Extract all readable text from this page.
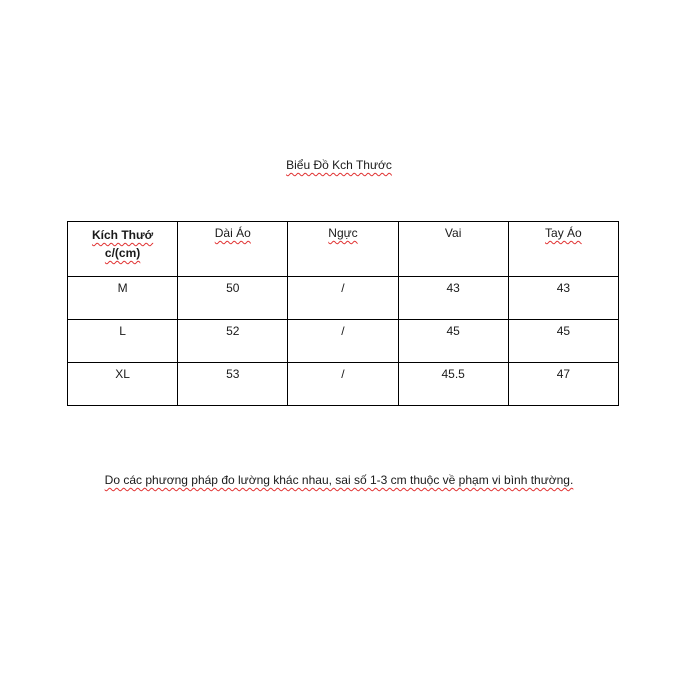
Biểu Đồ Kch Thước
Kích Thướ
c/(cm)	Dài Áo	Ngực	Vai	Tay Áo
M	50	/	43	43
L	52	/	45	45
XL	53	/	45.5	47
Do các phương pháp đo lường khác nhau, sai số 1-3 cm thuộc về phạm vi bình thường.
